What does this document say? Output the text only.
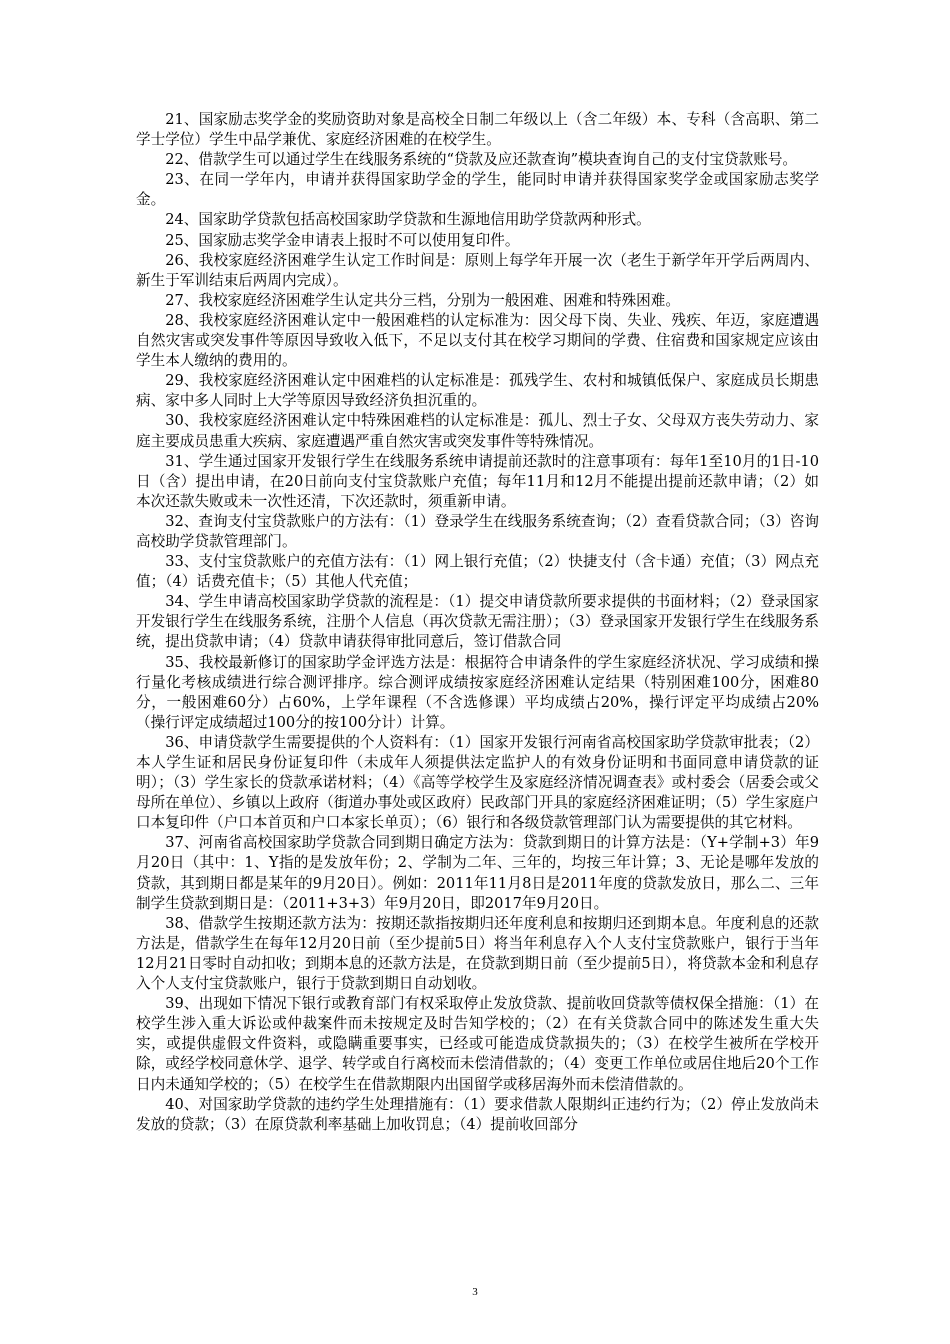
21、国家励志奖学金的奖励资助对象是高校全日制二年级以上（含二年级）本、专科（含高职、第二学士学位）学生中品学兼优、家庭经济困难的在校学生。

22、借款学生可以通过学生在线服务系统的“贷款及应还款查询”模块查询自己的支付宝贷款账号。

23、在同一学年内，申请并获得国家助学金的学生，能同时申请并获得国家奖学金或国家励志奖学金。

24、国家助学贷款包括高校国家助学贷款和生源地信用助学贷款两种形式。

25、国家励志奖学金申请表上报时不可以使用复印件。

26、我校家庭经济困难学生认定工作时间是：原则上每学年开展一次（老生于新学年开学后两周内、新生于军训结束后两周内完成）。

27、我校家庭经济困难学生认定共分三档，分别为一般困难、困难和特殊困难。

28、我校家庭经济困难认定中一般困难档的认定标准为：因父母下岗、失业、残疾、年迈，家庭遭遇自然灾害或突发事件等原因导致收入低下，不足以支付其在校学习期间的学费、住宿费和国家规定应该由学生本人缴纳的费用的。

29、我校家庭经济困难认定中困难档的认定标准是：孤残学生、农村和城镇低保户、家庭成员长期患病、家中多人同时上大学等原因导致经济负担沉重的。

30、我校家庭经济困难认定中特殊困难档的认定标准是：孤儿、烈士子女、父母双方丧失劳动力、家庭主要成员患重大疾病、家庭遭遇严重自然灾害或突发事件等特殊情况。

31、学生通过国家开发银行学生在线服务系统申请提前还款时的注意事项有：每年1至10月的1日-10日（含）提出申请，在20日前向支付宝贷款账户充值；每年11月和12月不能提出提前还款申请；（2）如本次还款失败或未一次性还清，下次还款时，须重新申请。

32、查询支付宝贷款账户的方法有：（1）登录学生在线服务系统查询；（2）查看贷款合同；（3）咨询高校助学贷款管理部门。

33、支付宝贷款账户的充值方法有：（1）网上银行充值；（2）快捷支付（含卡通）充值；（3）网点充值；（4）话费充值卡；（5）其他人代充值；

34、学生申请高校国家助学贷款的流程是：（1）提交申请贷款所要求提供的书面材料；（2）登录国家开发银行学生在线服务系统，注册个人信息（再次贷款无需注册）；（3）登录国家开发银行学生在线服务系统，提出贷款申请；（4）贷款申请获得审批同意后，签订借款合同

35、我校最新修订的国家助学金评选方法是：根据符合申请条件的学生家庭经济状况、学习成绩和操行量化考核成绩进行综合测评排序。综合测评成绩按家庭经济困难认定结果（特别困难100分，困难80分，一般困难60分）占60%，上学年课程（不含选修课）平均成绩占20%，操行评定平均成绩占20%（操行评定成绩超过100分的按100分计）计算。

36、申请贷款学生需要提供的个人资料有：（1）国家开发银行河南省高校国家助学贷款审批表；（2）本人学生证和居民身份证复印件（未成年人须提供法定监护人的有效身份证明和书面同意申请贷款的证明）；（3）学生家长的贷款承诺材料；（4）《高等学校学生及家庭经济情况调查表》或村委会（居委会或父母所在单位）、乡镇以上政府（街道办事处或区政府）民政部门开具的家庭经济困难证明；（5）学生家庭户口本复印件（户口本首页和户口本家长单页）；（6）银行和各级贷款管理部门认为需要提供的其它材料。

37、河南省高校国家助学贷款合同到期日确定方法为：贷款到期日的计算方法是：（Y+学制+3）年9月20日（其中：1、Y指的是发放年份；2、学制为二年、三年的，均按三年计算；3、无论是哪年发放的贷款，其到期日都是某年的9月20日）。例如：2011年11月8日是2011年度的贷款发放日，那么二、三年制学生贷款到期日是：（2011+3+3）年9月20日，即2017年9月20日。

38、借款学生按期还款方法为：按期还款指按期归还年度利息和按期归还到期本息。年度利息的还款方法是，借款学生在每年12月20日前（至少提前5日）将当年利息存入个人支付宝贷款账户，银行于当年12月21日零时自动扣收；到期本息的还款方法是，在贷款到期日前（至少提前5日），将贷款本金和利息存入个人支付宝贷款账户，银行于贷款到期日自动划收。

39、出现如下情况下银行或教育部门有权采取停止发放贷款、提前收回贷款等债权保全措施：（1）在校学生涉入重大诉讼或仲裁案件而未按规定及时告知学校的；（2）在有关贷款合同中的陈述发生重大失实，或提供虚假文件资料，或隐瞒重要事实，已经或可能造成贷款损失的；（3）在校学生被所在学校开除，或经学校同意休学、退学、转学或自行离校而未偿清借款的；（4）变更工作单位或居住地后20个工作日内未通知学校的；（5）在校学生在借款期限内出国留学或移居海外而未偿清借款的。

40、对国家助学贷款的违约学生处理措施有：（1）要求借款人限期纠正违约行为；（2）停止发放尚未发放的贷款；（3）在原贷款利率基础上加收罚息；（4）提前收回部分

3
